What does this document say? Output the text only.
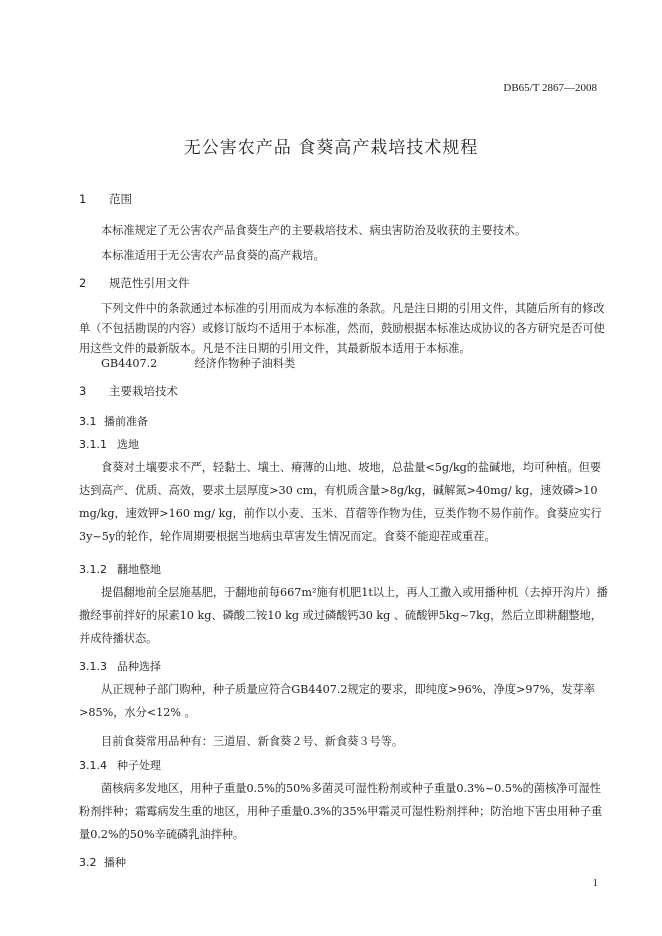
DB65/T 2867—2008
无公害农产品 食葵高产栽培技术规程
1 范围
本标准规定了无公害农产品食葵生产的主要栽培技术、病虫害防治及收获的主要技术。
本标准适用于无公害农产品食葵的高产栽培。
2 规范性引用文件
下列文件中的条款通过本标准的引用而成为本标准的条款。凡是注日期的引用文件，其随后所有的修改单（不包括勘误的内容）或修订版均不适用于本标准，然而，鼓励根据本标准达成协议的各方研究是否可使用这些文件的最新版本。凡是不注日期的引用文件，其最新版本适用于本标准。
GB4407.2	经济作物种子油料类
3 主要栽培技术
3.1 播前准备
3.1.1 选地
食葵对土壤要求不严，轻黏土、壤土、瘠薄的山地、坡地，总盐量<5g/kg的盐碱地，均可种植。但要达到高产、优质、高效，要求土层厚度>30 cm，有机质含量>8g/kg，碱解氮>40mg/ kg，速效磷>10 mg/kg，速效钾>160 mg/ kg，前作以小麦、玉米、苜蓿等作物为佳，豆类作物不易作前作。食葵应实行3y~5y的轮作，轮作周期要根据当地病虫草害发生情况而定。食葵不能迎茬或重茬。
3.1.2 翻地整地
提倡翻地前全层施基肥，于翻地前每667m²施有机肥1t以上，再人工撒入或用播种机（去掉开沟片）播撒经事前拌好的尿素10 kg、磷酸二铵10 kg 或过磷酸钙30 kg 、硫酸钾5kg~7kg，然后立即耕翻整地，并成待播状态。
3.1.3 品种选择
从正规种子部门购种，种子质量应符合GB4407.2规定的要求，即纯度>96%，净度>97%，发芽率>85%，水分<12% 。
目前食葵常用品种有：三道眉、新食葵２号、新食葵３号等。
3.1.4 种子处理
菌核病多发地区，用种子重量0.5%的50%多菌灵可湿性粉剂或种子重量0.3%~0.5%的菌核净可湿性粉剂拌种；霜霉病发生重的地区，用种子重量0.3%的35%甲霜灵可湿性粉剂拌种；防治地下害虫用种子重量0.2%的50%辛硫磷乳油拌种。
3.2 播种
1
